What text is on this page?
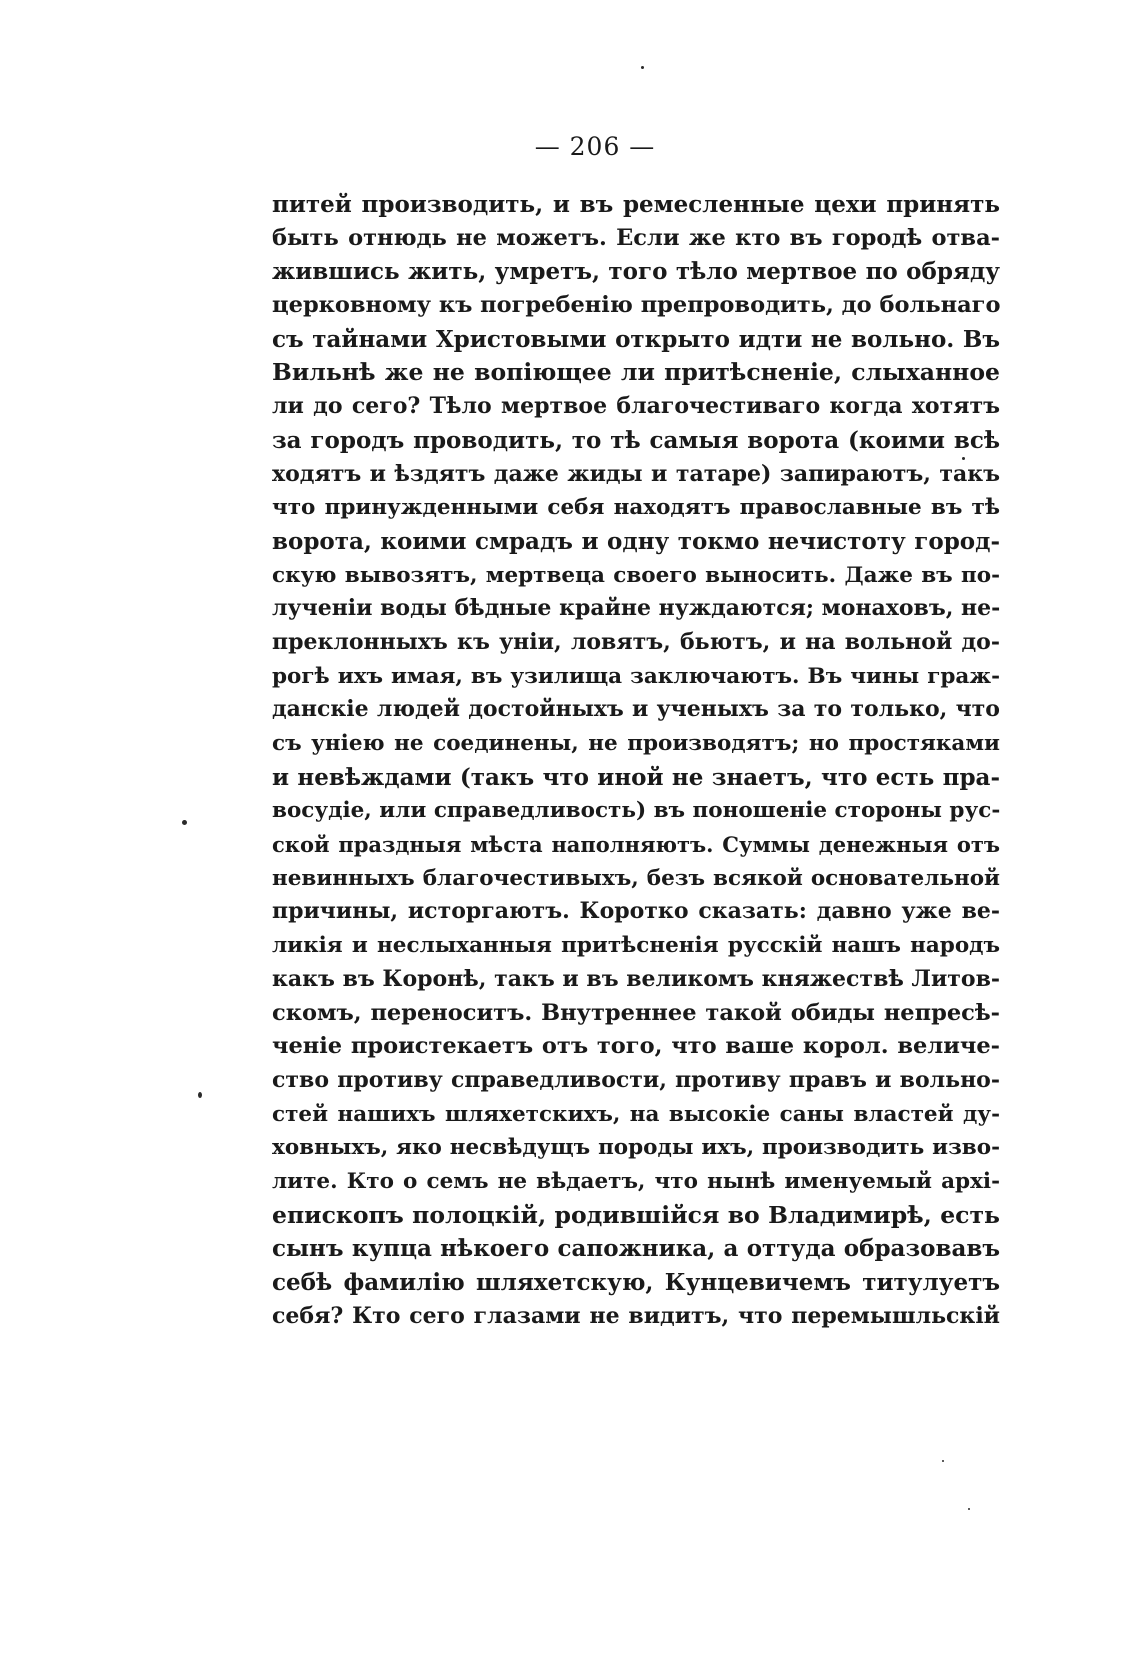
— 206 —
питей производить, и въ ремесленные цехи принять
быть отнюдь не можетъ. Если же кто въ городѣ отва-
жившись жить, умретъ, того тѣло мертвое по обряду
церковному къ погребенію препроводить, до больнаго
съ тайнами Христовыми открыто идти не вольно. Въ
Вильнѣ же не вопіющее ли притѣсненіе, слыханное
ли до сего? Тѣло мертвое благочестиваго когда хотятъ
за городъ проводить, то тѣ самыя ворота (коими всѣ
ходятъ и ѣздятъ даже жиды и татаре) запираютъ, такъ
что принужденными себя находятъ православные въ тѣ
ворота, коими смрадъ и одну токмо нечистоту город-
скую вывозятъ, мертвеца своего выносить. Даже въ по-
лученіи воды бѣдные крайне нуждаются; монаховъ, не-
преклонныхъ къ уніи, ловятъ, бьютъ, и на вольной до-
рогѣ ихъ имая, въ узилища заключаютъ. Въ чины граж-
данскіе людей достойныхъ и ученыхъ за то только, что
съ уніею не соединены, не производятъ; но простяками
и невѣждами (такъ что иной не знаетъ, что есть пра-
восудіе, или справедливость) въ поношеніе стороны рус-
ской праздныя мѣста наполняютъ. Суммы денежныя отъ
невинныхъ благочестивыхъ, безъ всякой основательной
причины, исторгаютъ. Коротко сказать: давно уже ве-
ликія и неслыханныя притѣсненія русскій нашъ народъ
какъ въ Коронѣ, такъ и въ великомъ княжествѣ Литов-
скомъ, переноситъ. Внутреннее такой обиды непресѣ-
ченіе проистекаетъ отъ того, что ваше корол. величе-
ство противу справедливости, противу правъ и вольно-
стей нашихъ шляхетскихъ, на высокіе саны властей ду-
ховныхъ, яко несвѣдущъ породы ихъ, производить изво-
лите. Кто о семъ не вѣдаетъ, что нынѣ именуемый архі-
епископъ полоцкій, родившійся во Владимирѣ, есть
сынъ купца нѣкоего сапожника, а оттуда образовавъ
себѣ фамилію шляхетскую, Кунцевичемъ титулуетъ
себя? Кто сего глазами не видитъ, что перемышльскій
